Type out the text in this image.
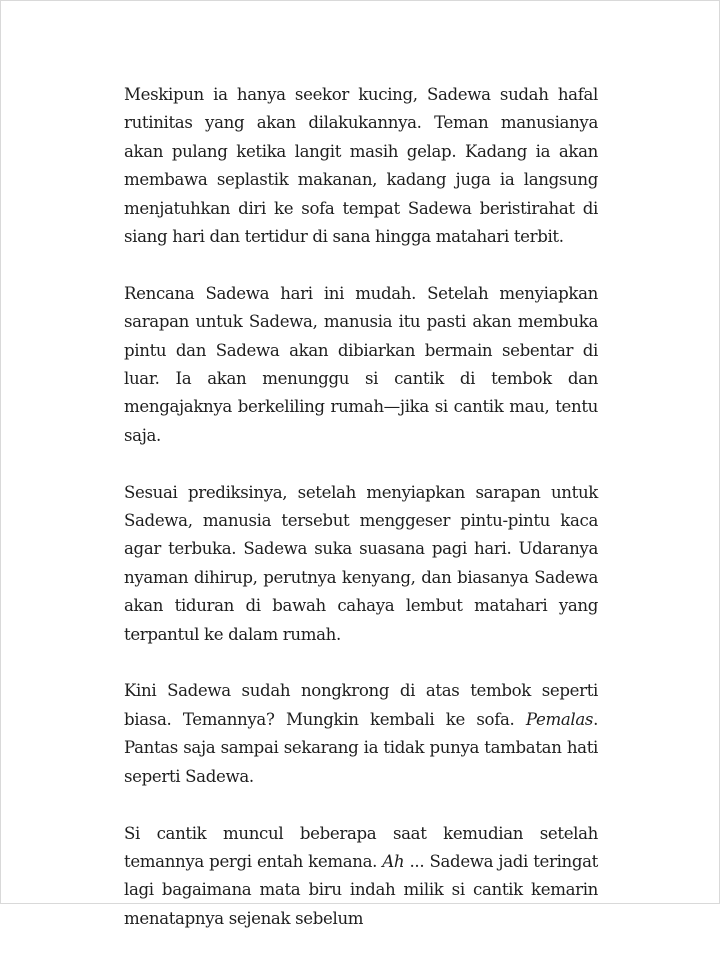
Meskipun ia hanya seekor kucing, Sadewa sudah hafal rutinitas yang akan dilakukannya. Teman manusianya akan pulang ketika langit masih gelap. Kadang ia akan membawa seplastik makanan, kadang juga ia langsung menjatuhkan diri ke sofa tempat Sadewa beristirahat di siang hari dan tertidur di sana hingga matahari terbit.

Rencana Sadewa hari ini mudah. Setelah menyiapkan sarapan untuk Sadewa, manusia itu pasti akan membuka pintu dan Sadewa akan dibiarkan bermain sebentar di luar. Ia akan menunggu si cantik di tembok dan mengajaknya berkeliling rumah—jika si cantik mau, tentu saja.

Sesuai prediksinya, setelah menyiapkan sarapan untuk Sadewa, manusia tersebut menggeser pintu-pintu kaca agar terbuka. Sadewa suka suasana pagi hari. Udaranya nyaman dihirup, perutnya kenyang, dan biasanya Sadewa akan tiduran di bawah cahaya lembut matahari yang terpantul ke dalam rumah.

Kini Sadewa sudah nongkrong di atas tembok seperti biasa. Temannya? Mungkin kembali ke sofa. Pemalas. Pantas saja sampai sekarang ia tidak punya tambatan hati seperti Sadewa.

Si cantik muncul beberapa saat kemudian setelah temannya pergi entah kemana. Ah ... Sadewa jadi teringat lagi bagaimana mata biru indah milik si cantik kemarin menatapnya sejenak sebelum
